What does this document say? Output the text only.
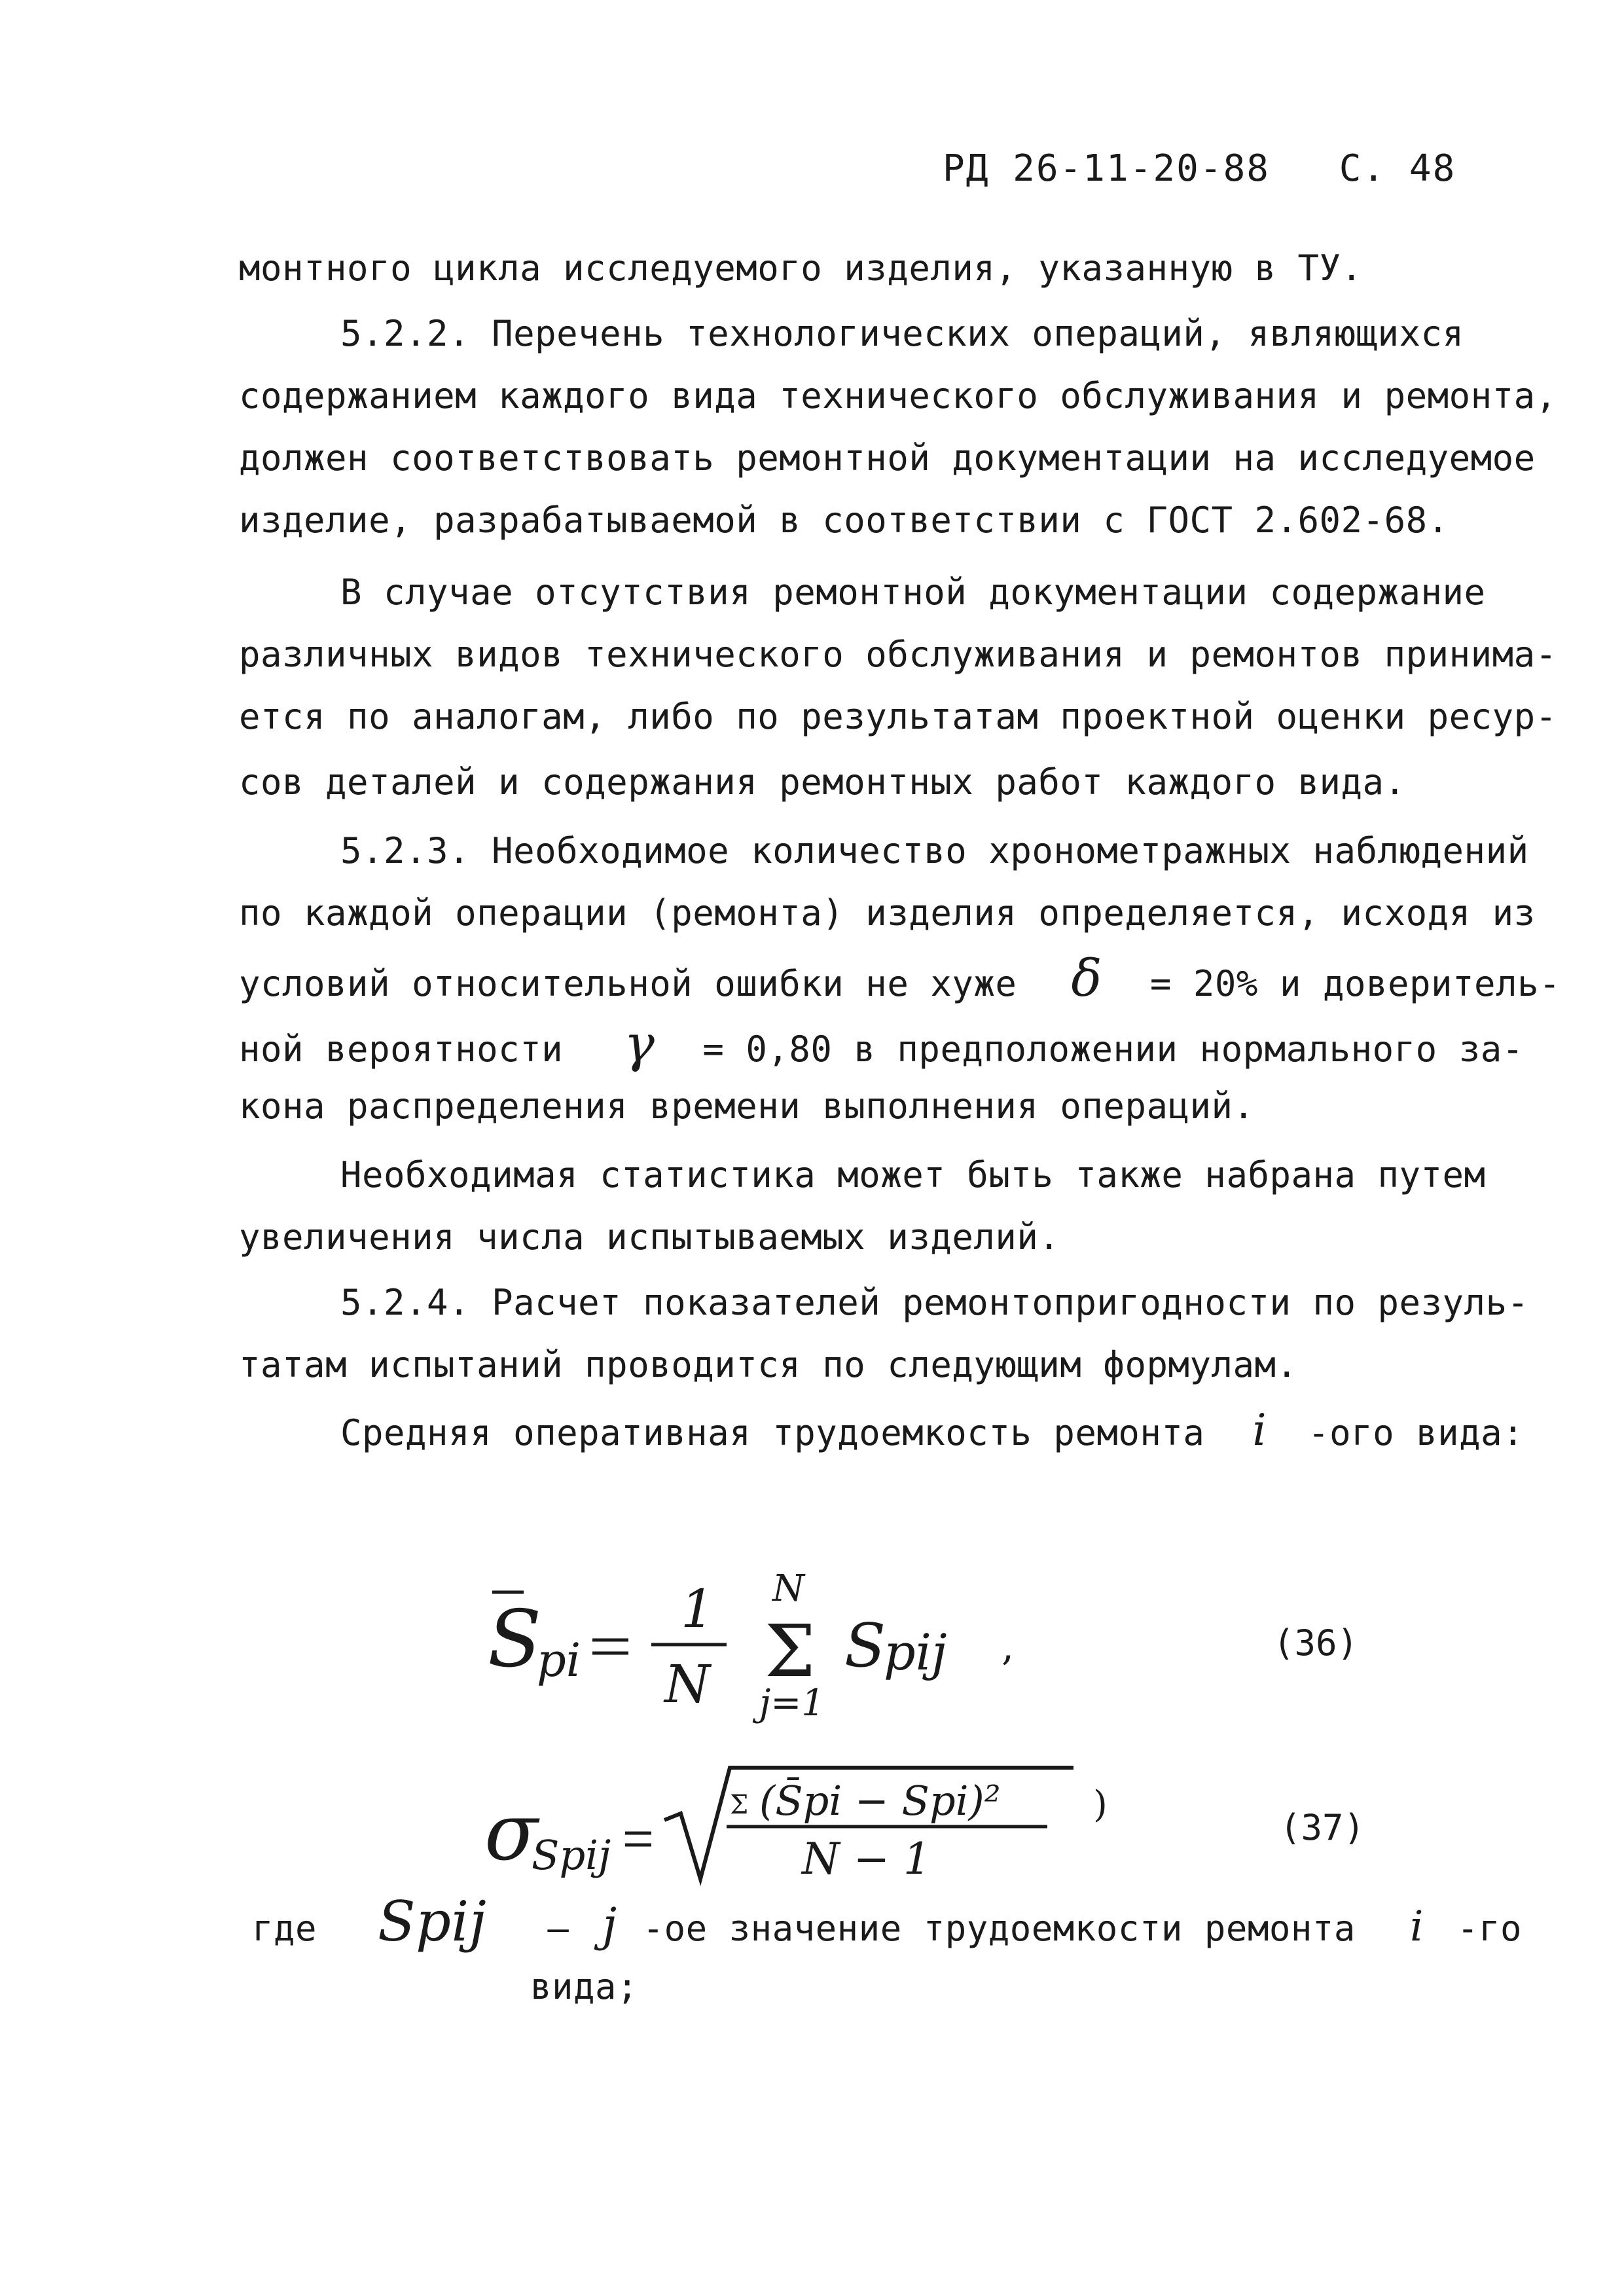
РД 26-11-20-88 С. 48
монтного цикла исследуемого изделия, указанную в ТУ.
5.2.2. Перечень технологических операций, являющихся
содержанием каждого вида технического обслуживания и ремонта,
должен соответствовать ремонтной документации на исследуемое
изделие, разрабатываемой в соответствии с ГОСТ 2.602-68.
В случае отсутствия ремонтной документации содержание
различных видов технического обслуживания и ремонтов принима-
ется по аналогам, либо по результатам проектной оценки ресур-
сов деталей и содержания ремонтных работ каждого вида.
5.2.3. Необходимое количество хронометражных наблюдений
по каждой операции (ремонта) изделия определяется, исходя из
условий относительной ошибки не хуже δ = 20% и доверитель-
ной вероятности γ = 0,80 в предположении нормального за-
кона распределения времени выполнения операций.
Необходимая статистика может быть также набрана путем
увеличения числа испытываемых изделий.
5.2.4. Расчет показателей ремонтопригодности по резуль-
татам испытаний проводится по следующим формулам.
Средняя оперативная трудоемкость ремонта i -ого вида:
S
pi
1
N
N
Σ
j=1
S
pij ,	(36)
σ
Spij
Σ (S̄pi − Spi)²
N − 1
)
(37)
где Spij – j -ое значение трудоемкости ремонта i -го
вида;
